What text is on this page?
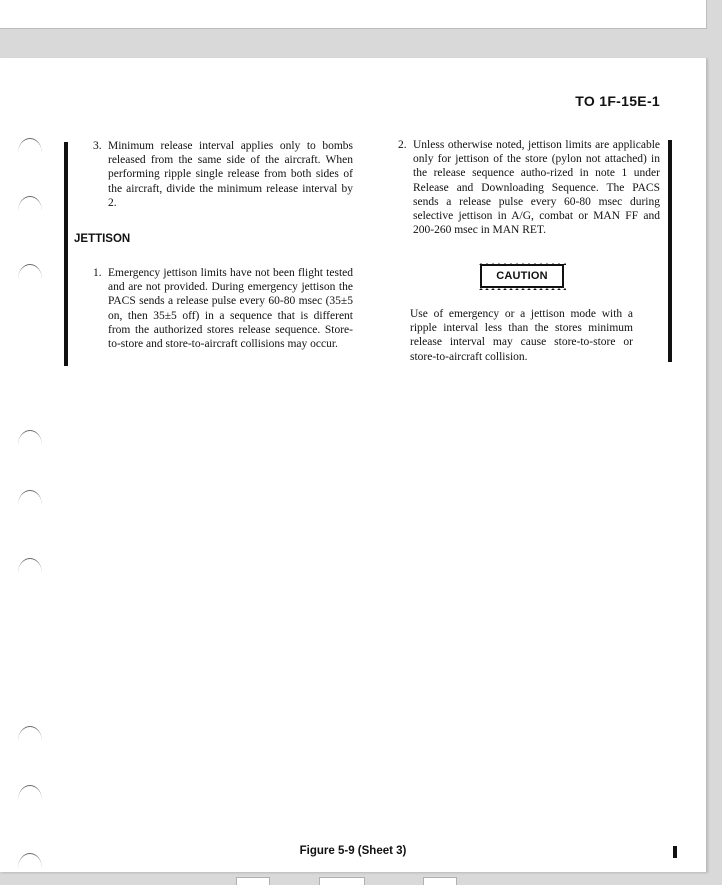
TO 1F-15E-1
3. Minimum release interval applies only to bombs released from the same side of the aircraft. When performing ripple single release from both sides of the aircraft, divide the minimum release interval by 2.
JETTISON
1. Emergency jettison limits have not been flight tested and are not provided. During emergency jettison the PACS sends a release pulse every 60-80 msec (35±5 on, then 35±5 off) in a sequence that is different from the authorized stores release sequence. Store-to-store and store-to-aircraft collisions may occur.
2. Unless otherwise noted, jettison limits are applicable only for jettison of the store (pylon not attached) in the release sequence autho-rized in note 1 under Release and Downloading Sequence. The PACS sends a release pulse every 60-80 msec during selective jettison in A/G, combat or MAN FF and 200-260 msec in MAN RET.
CAUTION
Use of emergency or a jettison mode with a ripple interval less than the stores minimum release interval may cause store-to-store or store-to-aircraft collision.
Figure 5-9 (Sheet 3)
